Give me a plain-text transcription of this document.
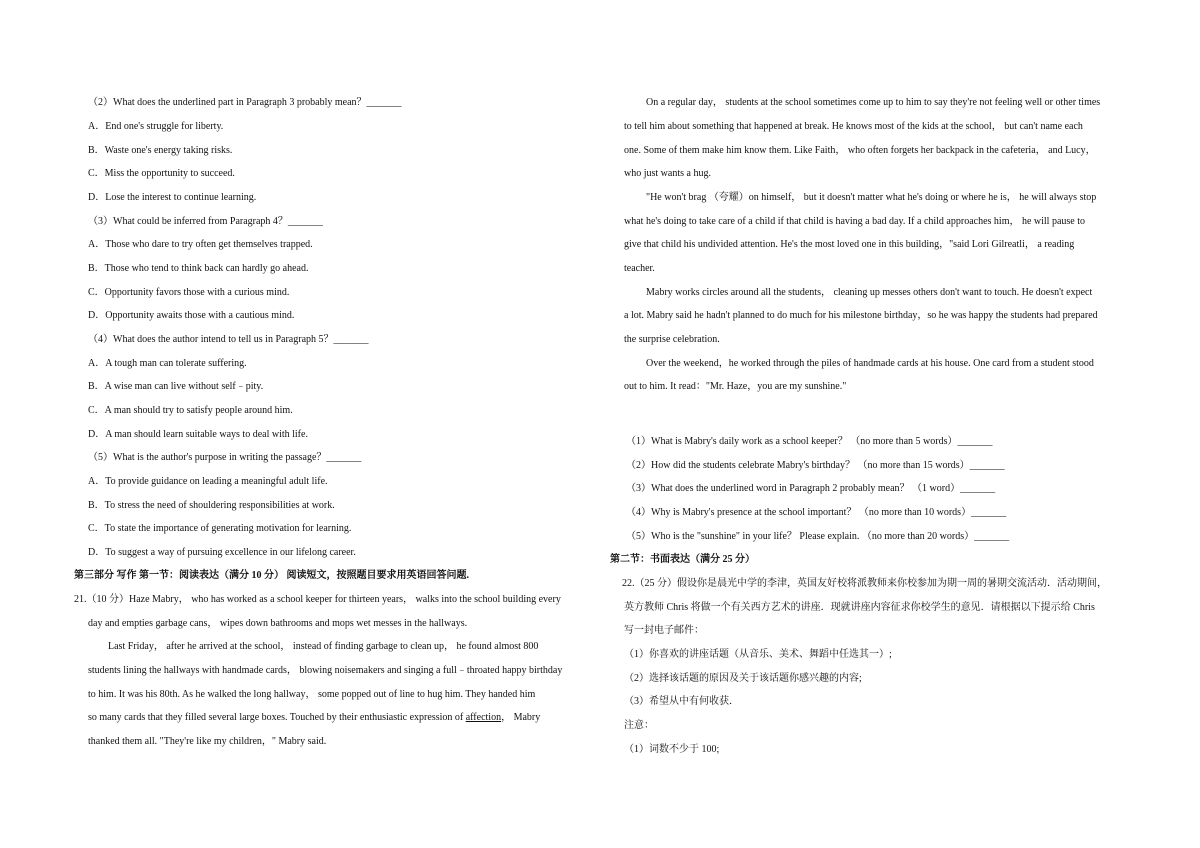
（2）What does the underlined part in Paragraph 3 probably mean？_______
A．End one's struggle for liberty.
B．Waste one's energy taking risks.
C．Miss the opportunity to succeed.
D．Lose the interest to continue learning.
（3）What could be inferred from Paragraph 4？_______
A．Those who dare to try often get themselves trapped.
B．Those who tend to think back can hardly go ahead.
C．Opportunity favors those with a curious mind.
D．Opportunity awaits those with a cautious mind.
（4）What does the author intend to tell us in Paragraph 5？_______
A．A tough man can tolerate suffering.
B．A wise man can live without self﹣pity.
C．A man should try to satisfy people around him.
D．A man should learn suitable ways to deal with life.
（5）What is the author's purpose in writing the passage？_______
A．To provide guidance on leading a meaningful adult life.
B．To stress the need of shouldering responsibilities at work.
C．To state the importance of generating motivation for learning.
D．To suggest a way of pursuing excellence in our lifelong career.
第三部分 写作 第一节：阅读表达（满分 10 分） 阅读短文，按照题目要求用英语回答问题.
21.（10 分）Haze Mabry， who has worked as a school keeper for thirteen years， walks into the school building every
day and empties garbage cans， wipes down bathrooms and mops wet messes in the hallways.
Last Friday， after he arrived at the school， instead of finding garbage to clean up， he found almost 800
students lining the hallways with handmade cards， blowing noisemakers and singing a full﹣throated happy birthday
to him. It was his 80th. As he walked the long hallway， some popped out of line to hug him. They handed him
so many cards that they filled several large boxes. Touched by their enthusiastic expression of affection， Mabry
thanked them all. "They're like my children，" Mabry said.
On a regular day， students at the school sometimes come up to him to say they're not feeling well or other times
to tell him about something that happened at break. He knows most of the kids at the school， but can't name each
one. Some of them make him know them. Like Faith， who often forgets her backpack in the cafeteria， and Lucy，
who just wants a hug.
"He won't brag （夸耀）on himself， but it doesn't matter what he's doing or where he is， he will always stop
what he's doing to take care of a child if that child is having a bad day. If a child approaches him， he will pause to
give that child his undivided attention. He's the most loved one in this building，"said Lori Gilreatli， a reading
teacher.
Mabry works circles around all the students， cleaning up messes others don't want to touch. He doesn't expect
a lot. Mabry said he hadn't planned to do much for his milestone birthday，so he was happy the students had prepared
the surprise celebration.
Over the weekend，he worked through the piles of handmade cards at his house. One card from a student stood
out to him. It read："Mr. Haze，you are my sunshine."
（1）What is Mabry's daily work as a school keeper？ （no more than 5 words）_______
（2）How did the students celebrate Mabry's birthday？ （no more than 15 words）_______
（3）What does the underlined word in Paragraph 2 probably mean？ （1 word）_______
（4）Why is Mabry's presence at the school important？ （no more than 10 words）_______
（5）Who is the "sunshine" in your life？ Please explain. （no more than 20 words）_______
第二节：书面表达（满分 25 分）
22.（25 分）假设你是晨光中学的李津，英国友好校将派教师来你校参加为期一周的暑期交流活动．活动期间，
英方教师 Chris 将做一个有关西方艺术的讲座．现就讲座内容征求你校学生的意见．请根据以下提示给 Chris
写一封电子邮件：
（1）你喜欢的讲座话题（从音乐、美术、舞蹈中任选其一）;
（2）选择该话题的原因及关于该话题你感兴趣的内容;
（3）希望从中有何收获．
注意：
（1）词数不少于 100;
